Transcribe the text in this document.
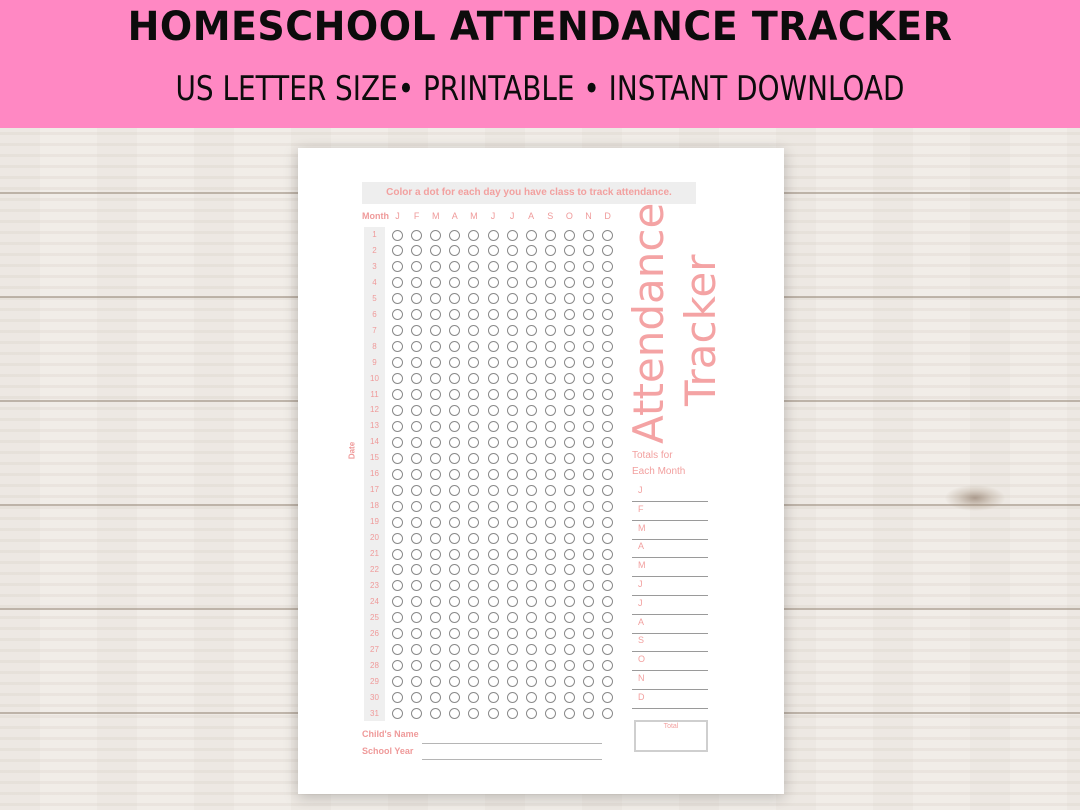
HOMESCHOOL ATTENDANCE TRACKER
US LETTER SIZE• PRINTABLE • INSTANT DOWNLOAD
Color a dot for each day you have class to track attendance.
Month
Date
Attendance Tracker
Totals for
Each Month
Total
Child's Name
School Year
J	F	M	A	M	J	J	A	S	O	N	D
1
2
3
4
5
6
7
8
9
10
11
12
13
14
15
16
17
18
19
20
21
22
23
24
25
26
27
28
29
30
31
J
F
M
A
M
J
J
A
S
O
N
D
